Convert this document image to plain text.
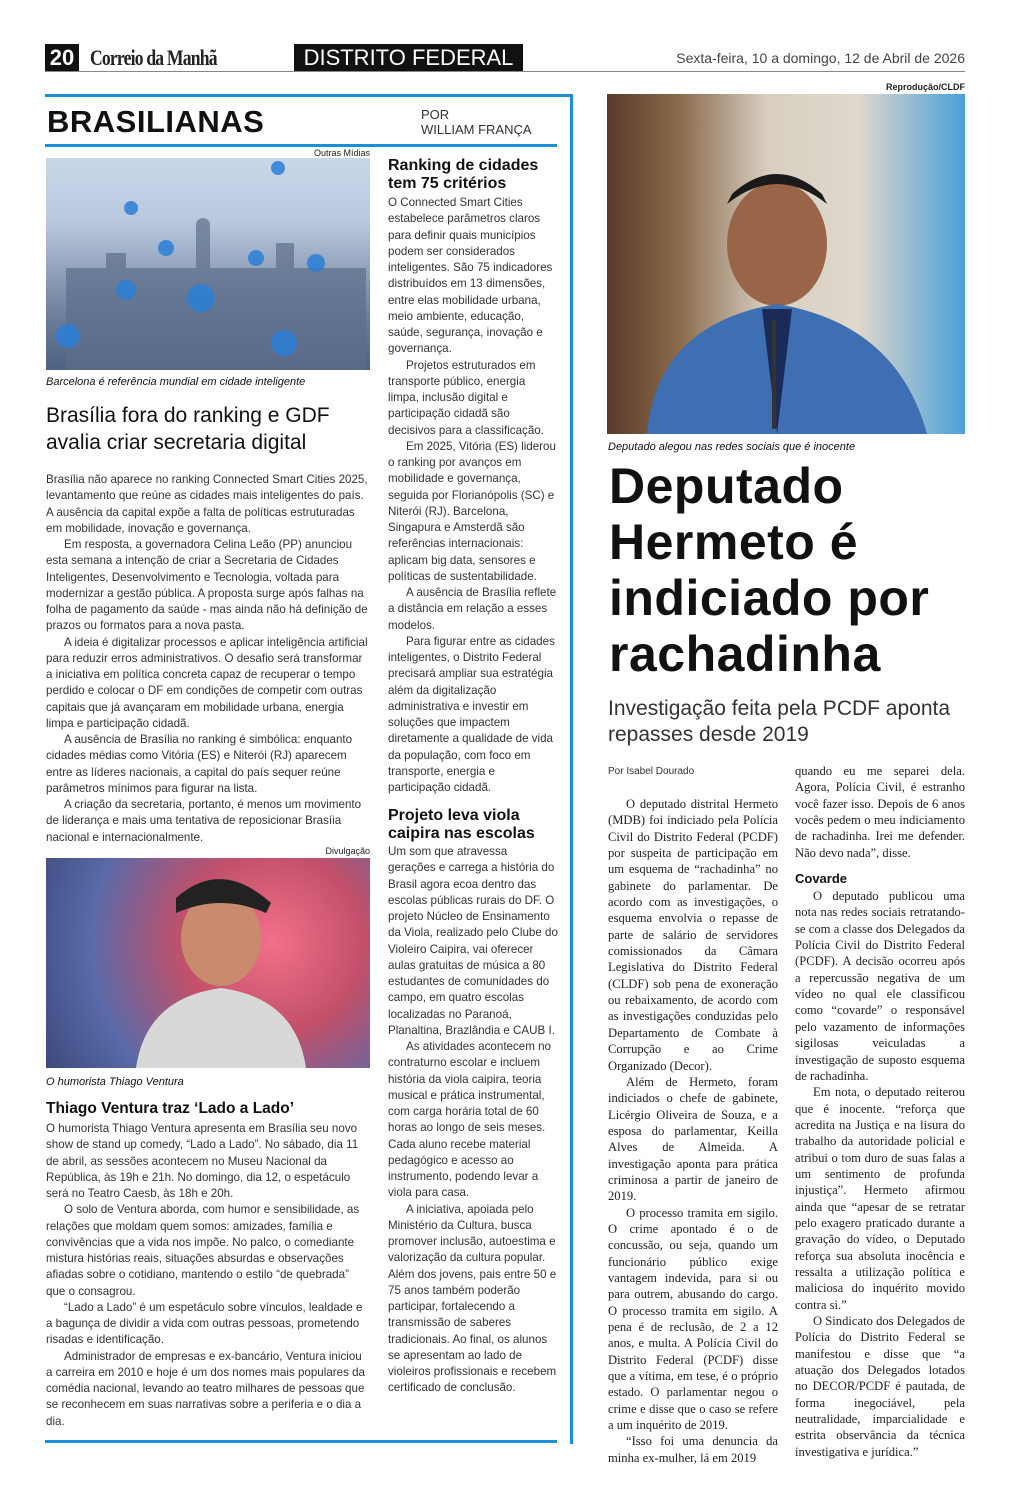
20 Correio da Manhã	DISTRITO FEDERAL	Sexta-feira, 10 a domingo, 12 de Abril de 2026
BRASILIANAS	POR
WILLIAM FRANÇA
Outras Mídias
Barcelona é referência mundial em cidade inteligente
Brasília fora do ranking e GDF avalia criar secretaria digital

Brasília não aparece no ranking Connected Smart Cities 2025, levantamento que reúne as cidades mais inteligentes do país. A ausência da capital expõe a falta de políticas estruturadas em mobilidade, inovação e governança.

Em resposta, a governadora Celina Leão (PP) anunciou esta semana a intenção de criar a Secretaria de Cidades Inteligentes, Desenvolvimento e Tecnologia, voltada para modernizar a gestão pública. A proposta surge após falhas na folha de pagamento da saúde - mas ainda não há definição de prazos ou formatos para a nova pasta.

A ideia é digitalizar processos e aplicar inteligência artificial para reduzir erros administrativos. O desafio será transformar a iniciativa em política concreta capaz de recuperar o tempo perdido e colocar o DF em condições de competir com outras capitais que já avançaram em mobilidade urbana, energia limpa e participação cidadã.

A ausência de Brasília no ranking é simbólica: enquanto cidades médias como Vitória (ES) e Niterói (RJ) aparecem entre as líderes nacionais, a capital do país sequer reúne parâmetros mínimos para figurar na lista.

A criação da secretaria, portanto, é menos um movimento de liderança e mais uma tentativa de reposicionar Brasíia nacional e internacionalmente.

Divulgação
O humorista Thiago Ventura
Thiago Ventura traz ‘Lado a Lado’

O humorista Thiago Ventura apresenta em Brasília seu novo show de stand up comedy, “Lado a Lado”. No sábado, dia 11 de abril, as sessões acontecem no Museu Nacional da República, às 19h e 21h. No domingo, dia 12, o espetáculo será no Teatro Caesb, às 18h e 20h.

O solo de Ventura aborda, com humor e sensibilidade, as relações que moldam quem somos: amizades, família e convivências que a vida nos impõe. No palco, o comediante mistura histórias reais, situações absurdas e observações afiadas sobre o cotidiano, mantendo o estilo “de quebrada” que o consagrou.

“Lado a Lado” é um espetáculo sobre vínculos, lealdade e a bagunça de dividir a vida com outras pessoas, prometendo risadas e identificação.

Administrador de empresas e ex-bancário, Ventura iniciou a carreira em 2010 e hoje é um dos nomes mais populares da comédia nacional, levando ao teatro milhares de pessoas que se reconhecem em suas narrativas sobre a periferia e o dia a dia.

Ranking de cidades tem 75 critérios

O Connected Smart Cities estabelece parâmetros claros para definir quais municípios podem ser considerados inteligentes. São 75 indicadores distribuídos em 13 dimensões, entre elas mobilidade urbana, meio ambiente, educação, saúde, segurança, inovação e governança.

Projetos estruturados em transporte público, energia limpa, inclusão digital e participação cidadã são decisivos para a classificação.

Em 2025, Vitória (ES) liderou o ranking por avanços em mobilidade e governança, seguida por Florianópolis (SC) e Niterói (RJ). Barcelona, Singapura e Amsterdã são referências internacionais: aplicam big data, sensores e políticas de sustentabilidade.

A ausência de Brasília reflete a distância em relação a esses modelos.

Para figurar entre as cidades inteligentes, o Distrito Federal precisará ampliar sua estratégia além da digitalização administrativa e investir em soluções que impactem diretamente a qualidade de vida da população, com foco em transporte, energia e participação cidadã.

Projeto leva viola caipira nas escolas

Um som que atravessa gerações e carrega a história do Brasil agora ecoa dentro das escolas públicas rurais do DF. O projeto Núcleo de Ensinamento da Viola, realizado pelo Clube do Violeiro Caipira, vai oferecer aulas gratuitas de música a 80 estudantes de comunidades do campo, em quatro escolas localizadas no Paranoá, Planaltina, Brazlândia e CAUB I.

As atividades acontecem no contraturno escolar e incluem história da viola caipira, teoria musical e prática instrumental, com carga horária total de 60 horas ao longo de seis meses. Cada aluno recebe material pedagógico e acesso ao instrumento, podendo levar a viola para casa.

A iniciativa, apoiada pelo Ministério da Cultura, busca promover inclusão, autoestima e valorização da cultura popular. Além dos jovens, pais entre 50 e 75 anos também poderão participar, fortalecendo a transmissão de saberes tradicionais. Ao final, os alunos se apresentam ao lado de violeiros profissionais e recebem certificado de conclusão.

Reprodução/CLDF
Deputado alegou nas redes sociais que é inocente
Deputado Hermeto é indiciado por rachadinha
Investigação feita pela PCDF aponta repasses desde 2019
Por Isabel Dourado

O deputado distrital Hermeto (MDB) foi indiciado pela Polícia Civil do Distrito Federal (PCDF) por suspeita de participação em um esquema de “rachadinha” no gabinete do parlamentar. De acordo com as investigações, o esquema envolvia o repasse de parte de salário de servidores comissionados da Câmara Legislativa do Distrito Federal (CLDF) sob pena de exoneração ou rebaixamento, de acordo com as investigações conduzidas pelo Departamento de Combate à Corrupção e ao Crime Organizado (Decor).

Além de Hermeto, foram indiciados o chefe de gabinete, Licérgio Oliveira de Souza, e a esposa do parlamentar, Keilla Alves de Almeida. A investigação aponta para prática criminosa a partir de janeiro de 2019.

O processo tramita em sigilo. O crime apontado é o de concussão, ou seja, quando um funcionário público exige vantagem indevida, para si ou para outrem, abusando do cargo. O processo tramita em sigilo. A pena é de reclusão, de 2 a 12 anos, e multa. A Polícia Civil do Distrito Federal (PCDF) disse que a vítima, em tese, é o próprio estado. O parlamentar negou o crime e disse que o caso se refere a um inquérito de 2019.

“Isso foi uma denuncia da minha ex-mulher, lá em 2019

quando eu me separei dela. Agora, Polícia Civil, é estranho você fazer isso. Depois de 6 anos vocês pedem o meu indiciamento de rachadinha. Irei me defender. Não devo nada”, disse.

Covarde

O deputado publicou uma nota nas redes sociais retratando-se com a classe dos Delegados da Polícia Civil do Distrito Federal (PCDF). A decisão ocorreu após a repercussão negativa de um vídeo no qual ele classificou como “covarde” o responsável pelo vazamento de informações sigilosas veiculadas a investigação de suposto esquema de rachadinha.

Em nota, o deputado reiterou que é inocente. “reforça que acredita na Justiça e na lisura do trabalho da autoridade policial e atribui o tom duro de suas falas a um sentimento de profunda injustiça”. Hermeto afirmou ainda que “apesar de se retratar pelo exagero praticado durante a gravação do vídeo, o Deputado reforça sua absoluta inocência e ressalta a utilização política e maliciosa do inquérito movido contra si.”

O Sindicato dos Delegados de Polícia do Distrito Federal se manifestou e disse que “a atuação dos Delegados lotados no DECOR/PCDF é pautada, de forma inegociável, pela neutralidade, imparcialidade e estrita observância da técnica investigativa e jurídica.”
